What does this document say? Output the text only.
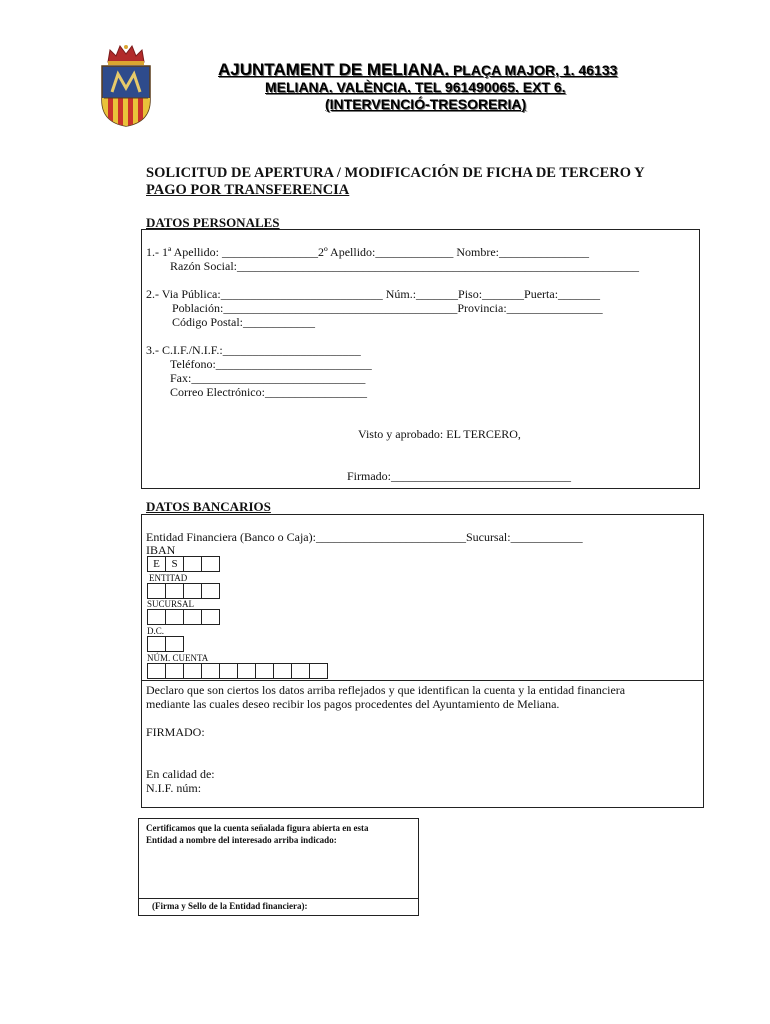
AJUNTAMENT DE MELIANA. PLAÇA MAJOR, 1. 46133
MELIANA. VALÈNCIA. TEL 961490065. EXT 6.
(INTERVENCIÓ-TRESORERIA)
SOLICITUD DE APERTURA / MODIFICACIÓN DE FICHA DE TERCERO Y
PAGO POR TRANSFERENCIA
DATOS PERSONALES
1.- 1ª Apellido: ________________2º Apellido:_____________ Nombre:_______________
Razón Social:___________________________________________________________________
2.- Via Pública:___________________________ Núm.:_______Piso:_______Puerta:_______
Población:_______________________________________Provincia:________________
Código Postal:____________
3.- C.I.F./N.I.F.:_______________________
Teléfono:__________________________
Fax:_____________________________
Correo Electrónico:_________________
Visto y aprobado: EL TERCERO,
Firmado:______________________________
DATOS BANCARIOS
Entidad Financiera (Banco o Caja):_________________________Sucursal:____________
IBAN
E	S
ENTITAD
SUCURSAL
D.C.
NÚM. CUENTA
Declaro que son ciertos los datos arriba reflejados y que identifican la cuenta y la entidad financiera
mediante las cuales deseo recibir los pagos procedentes del Ayuntamiento de Meliana.
FIRMADO:
En calidad de:
N.I.F. núm:
Certificamos que la cuenta señalada figura abierta en esta
Entidad a nombre del interesado arriba indicado:
(Firma y Sello de la Entidad financiera):
